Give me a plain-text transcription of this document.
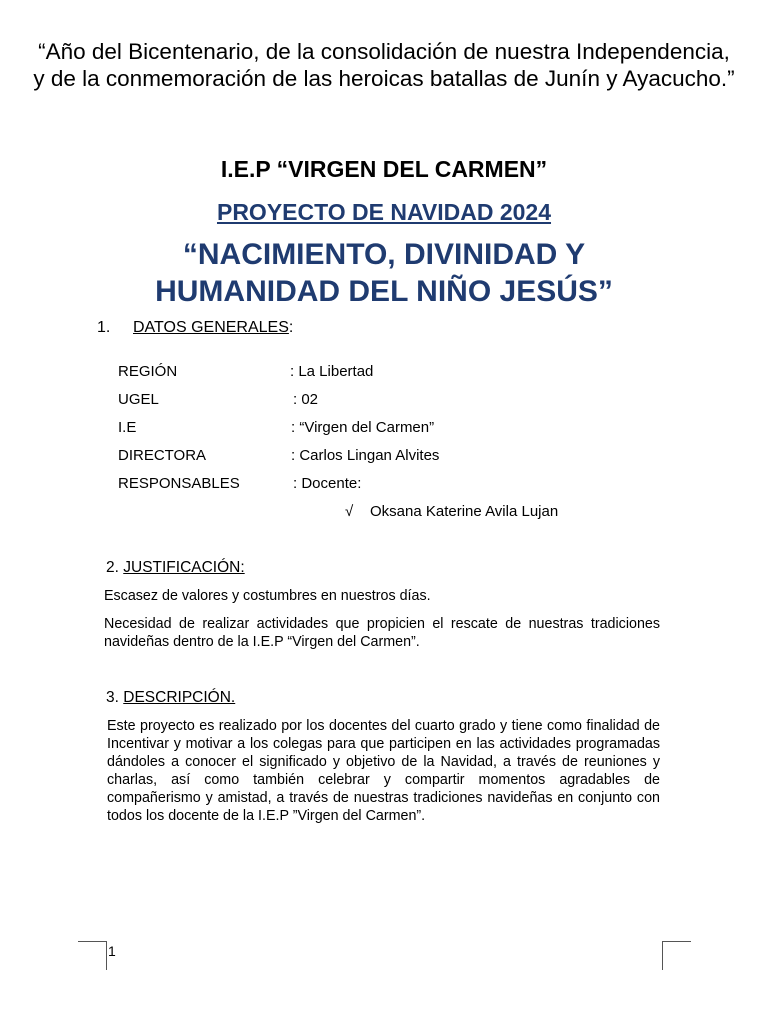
“Año del Bicentenario, de la consolidación de nuestra Independencia, y de la conmemoración de las heroicas batallas de Junín y Ayacucho.”
I.E.P “VIRGEN DEL CARMEN”
PROYECTO DE NAVIDAD 2024
“NACIMIENTO, DIVINIDAD Y
HUMANIDAD DEL NIÑO JESÚS”
1. DATOS GENERALES:
REGIÓN	: La Libertad
UGEL	: 02
I.E	: “Virgen del Carmen”
DIRECTORA	: Carlos Lingan Alvites
RESPONSABLES	: Docente:
√ Oksana Katerine Avila Lujan
2. JUSTIFICACIÓN:
Escasez de valores y costumbres en nuestros días.
Necesidad de realizar actividades que propicien el rescate de nuestras tradiciones navideñas dentro de la I.E.P “Virgen del Carmen”.
3. DESCRIPCIÓN.
Este proyecto es realizado por los docentes del cuarto grado y tiene como finalidad de Incentivar y motivar a los colegas para que participen en las actividades programadas dándoles a conocer el significado y objetivo de la Navidad, a través de reuniones y charlas, así como también celebrar y compartir momentos agradables de compañerismo y amistad, a través de nuestras tradiciones navideñas en conjunto con todos los docente de la I.E.P ”Virgen del Carmen”.
1
